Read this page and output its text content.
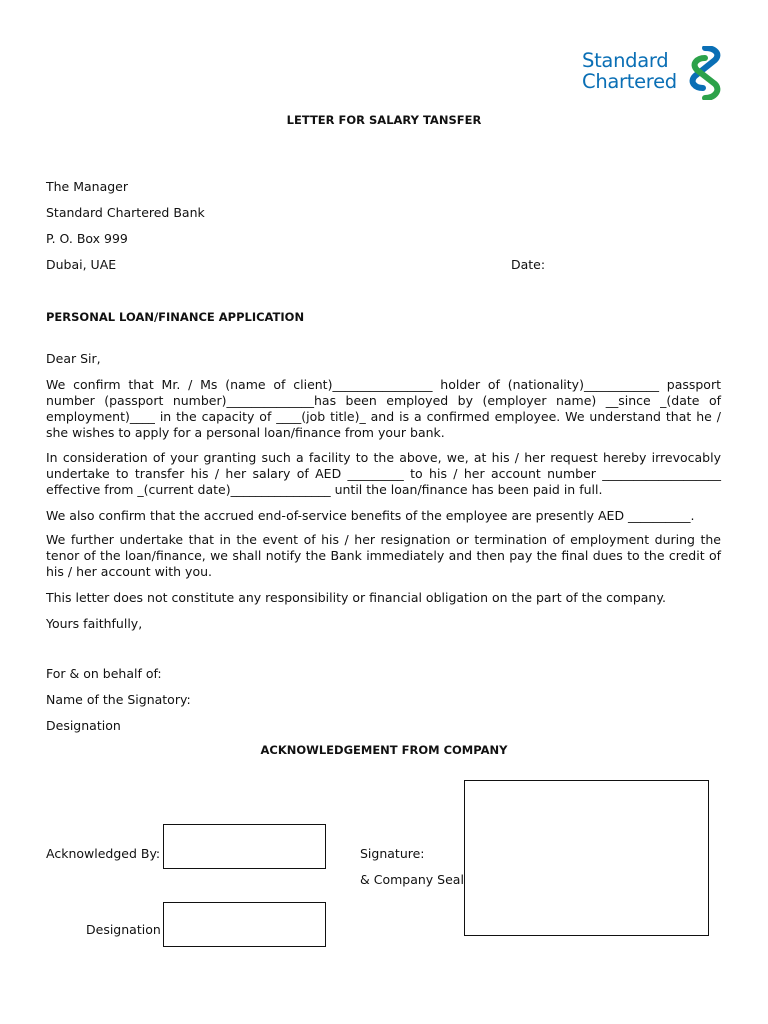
Standard
Chartered
LETTER FOR SALARY TANSFER
The Manager
Standard Chartered Bank
P. O. Box 999
Dubai, UAE	Date:
PERSONAL LOAN/FINANCE APPLICATION
Dear Sir,
We confirm that Mr. / Ms (name of client)________________ holder of (nationality)____________ passport number (passport number)______________has been employed by (employer name) __since _(date of employment)____ in the capacity of ____(job title)_ and is a confirmed employee. We understand that he / she wishes to apply for a personal loan/finance from your bank.
In consideration of your granting such a facility to the above, we, at his / her request hereby irrevocably undertake to transfer his / her salary of AED _________ to his / her account number ___________________ effective from _(current date)________________ until the loan/finance has been paid in full.
We also confirm that the accrued end-of-service benefits of the employee are presently AED __________.
We further undertake that in the event of his / her resignation or termination of employment during the tenor of the loan/finance, we shall notify the Bank immediately and then pay the final dues to the credit of his / her account with you.
This letter does not constitute any responsibility or financial obligation on the part of the company.
Yours faithfully,
For & on behalf of:
Name of the Signatory:
Designation
ACKNOWLEDGEMENT FROM COMPANY
Acknowledged By:	Signature:
& Company Seal
Designation
